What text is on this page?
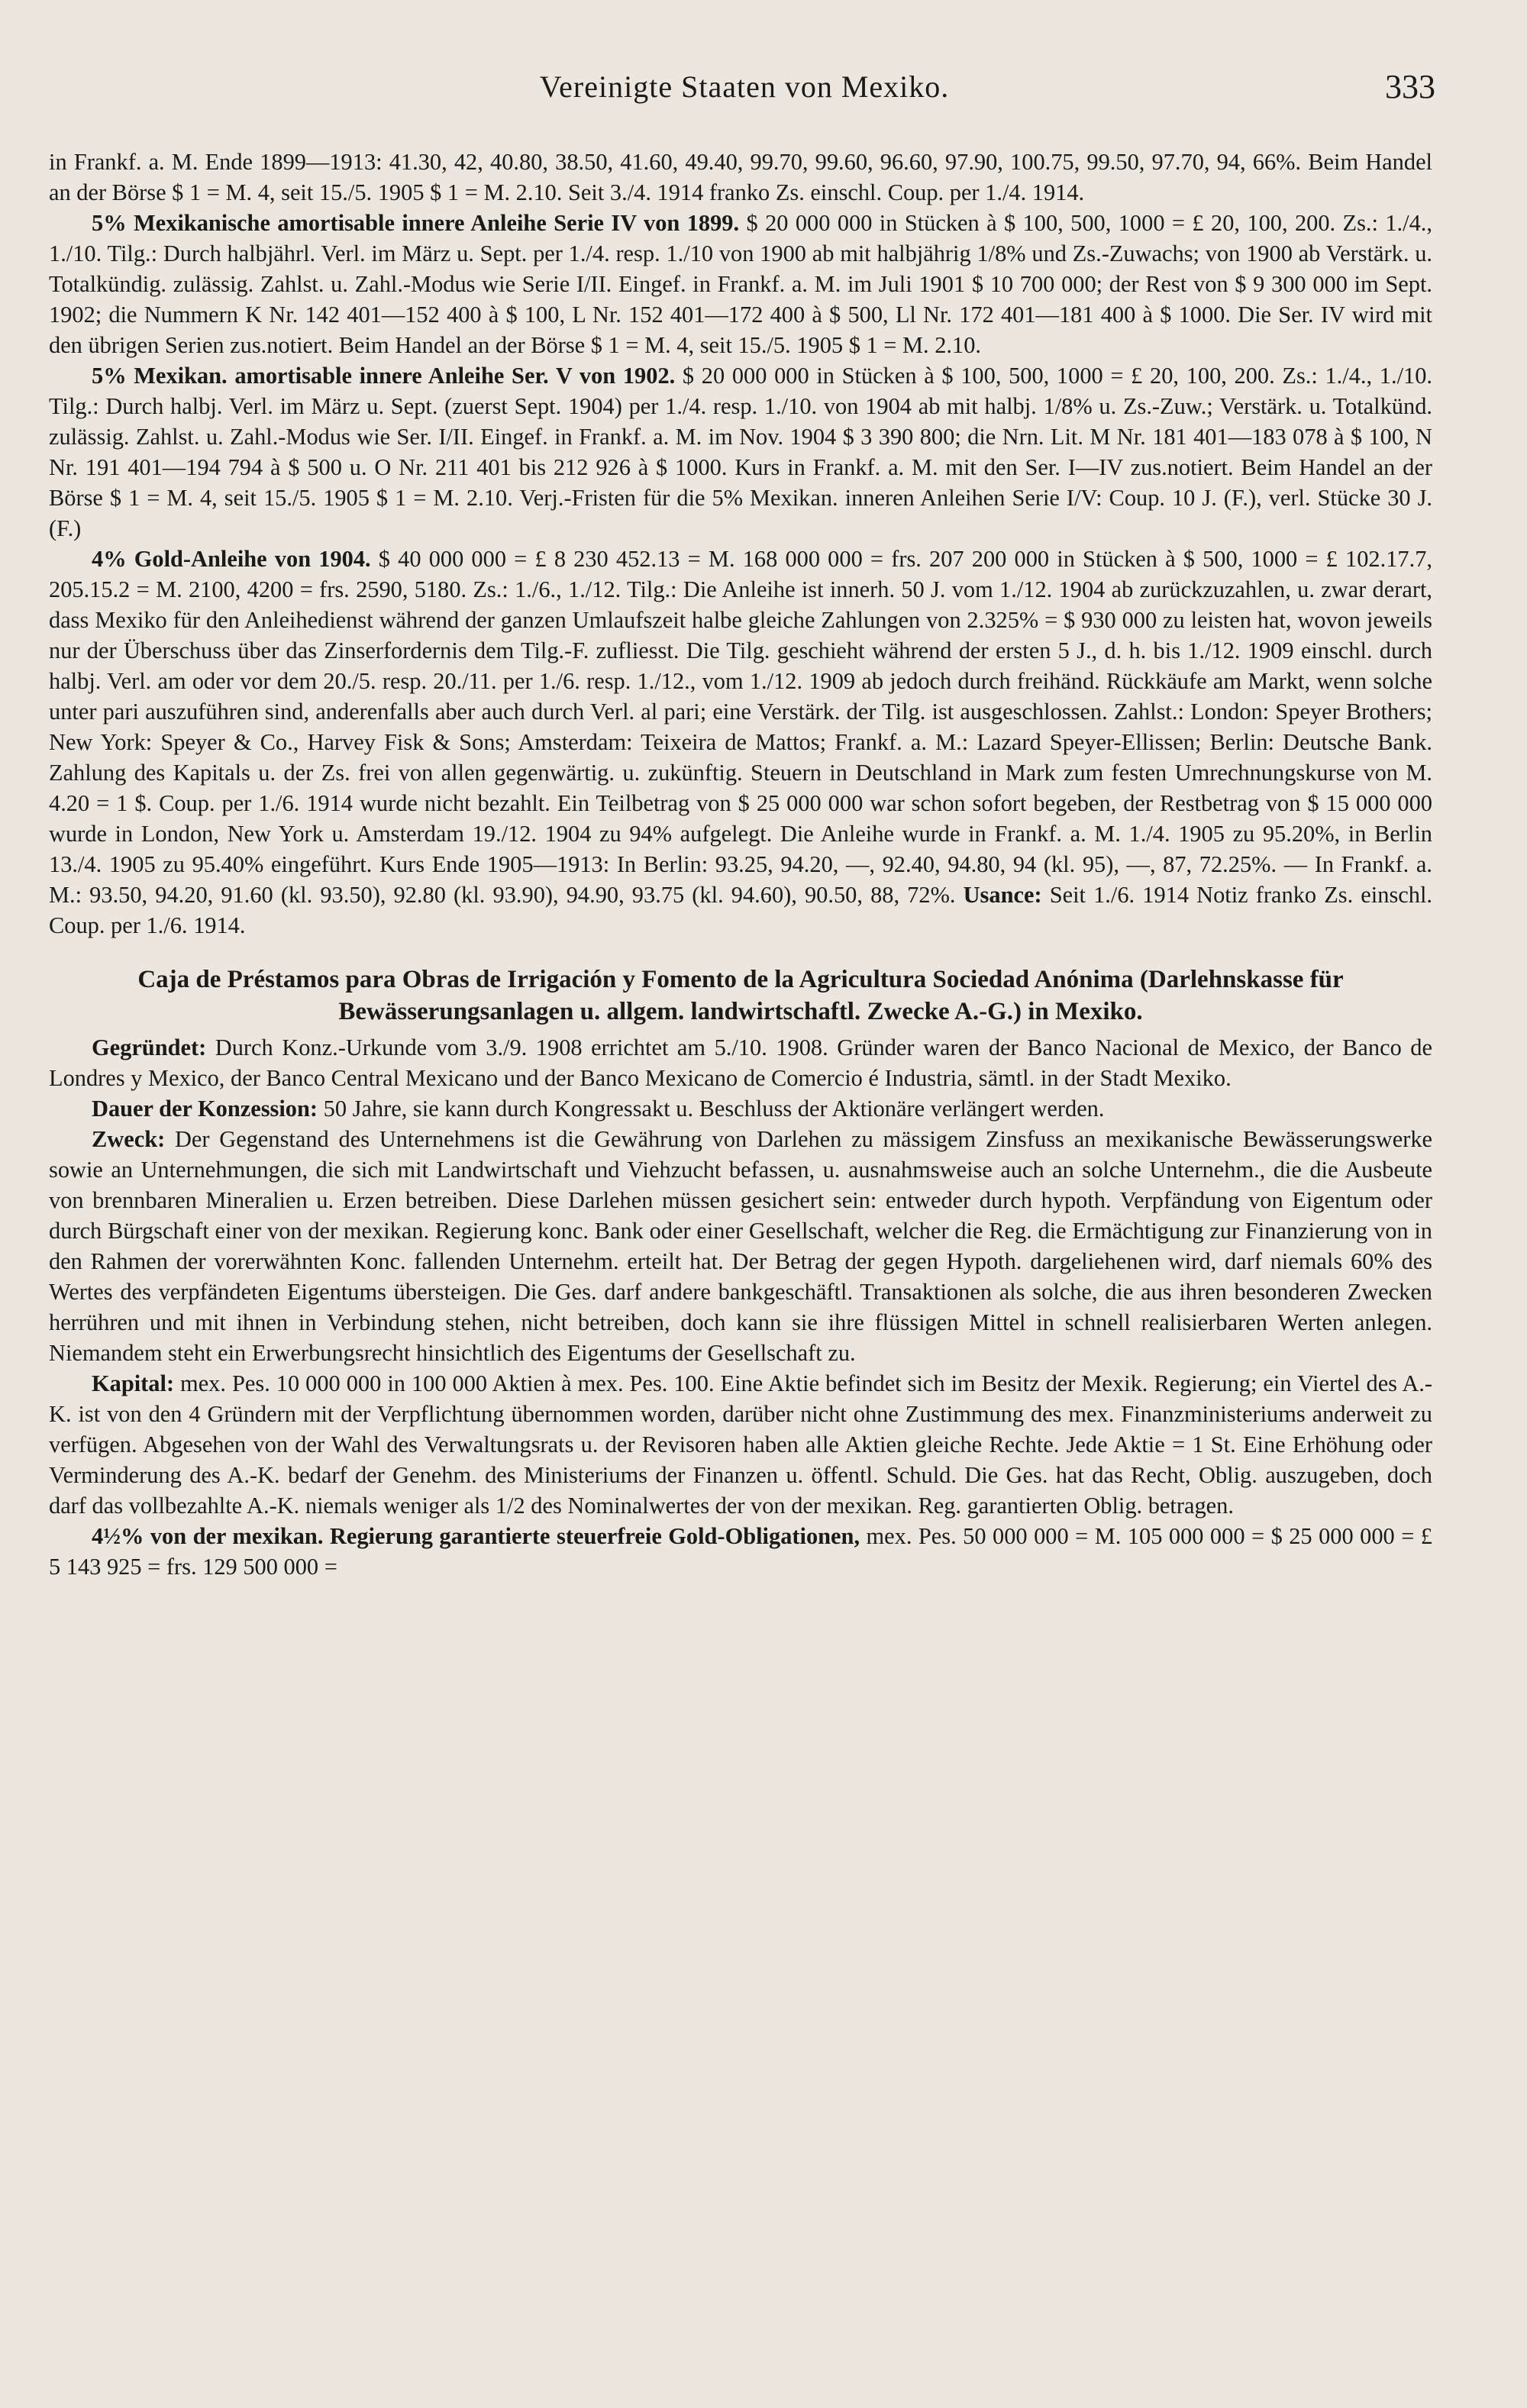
Vereinigte Staaten von Mexiko.	333

in Frankf. a. M. Ende 1899—1913: 41.30, 42, 40.80, 38.50, 41.60, 49.40, 99.70, 99.60, 96.60, 97.90, 100.75, 99.50, 97.70, 94, 66%. Beim Handel an der Börse $ 1 = M. 4, seit 15./5. 1905 $ 1 = M. 2.10. Seit 3./4. 1914 franko Zs. einschl. Coup. per 1./4. 1914.

5% Mexikanische amortisable innere Anleihe Serie IV von 1899. $ 20 000 000 in Stücken à $ 100, 500, 1000 = £ 20, 100, 200. Zs.: 1./4., 1./10. Tilg.: Durch halbjährl. Verl. im März u. Sept. per 1./4. resp. 1./10 von 1900 ab mit halbjährig 1/8% und Zs.-Zuwachs; von 1900 ab Verstärk. u. Totalkündig. zulässig. Zahlst. u. Zahl.-Modus wie Serie I/II. Eingef. in Frankf. a. M. im Juli 1901 $ 10 700 000; der Rest von $ 9 300 000 im Sept. 1902; die Nummern K Nr. 142 401—152 400 à $ 100, L Nr. 152 401—172 400 à $ 500, Ll Nr. 172 401—181 400 à $ 1000. Die Ser. IV wird mit den übrigen Serien zus.notiert. Beim Handel an der Börse $ 1 = M. 4, seit 15./5. 1905 $ 1 = M. 2.10.

5% Mexikan. amortisable innere Anleihe Ser. V von 1902. $ 20 000 000 in Stücken à $ 100, 500, 1000 = £ 20, 100, 200. Zs.: 1./4., 1./10. Tilg.: Durch halbj. Verl. im März u. Sept. (zuerst Sept. 1904) per 1./4. resp. 1./10. von 1904 ab mit halbj. 1/8% u. Zs.-Zuw.; Verstärk. u. Totalkünd. zulässig. Zahlst. u. Zahl.-Modus wie Ser. I/II. Eingef. in Frankf. a. M. im Nov. 1904 $ 3 390 800; die Nrn. Lit. M Nr. 181 401—183 078 à $ 100, N Nr. 191 401—194 794 à $ 500 u. O Nr. 211 401 bis 212 926 à $ 1000. Kurs in Frankf. a. M. mit den Ser. I—IV zus.notiert. Beim Handel an der Börse $ 1 = M. 4, seit 15./5. 1905 $ 1 = M. 2.10. Verj.-Fristen für die 5% Mexikan. inneren Anleihen Serie I/V: Coup. 10 J. (F.), verl. Stücke 30 J. (F.)

4% Gold-Anleihe von 1904. $ 40 000 000 = £ 8 230 452.13 = M. 168 000 000 = frs. 207 200 000 in Stücken à $ 500, 1000 = £ 102.17.7, 205.15.2 = M. 2100, 4200 = frs. 2590, 5180. Zs.: 1./6., 1./12. Tilg.: Die Anleihe ist innerh. 50 J. vom 1./12. 1904 ab zurückzuzahlen, u. zwar derart, dass Mexiko für den Anleihedienst während der ganzen Umlaufszeit halbe gleiche Zahlungen von 2.325% = $ 930 000 zu leisten hat, wovon jeweils nur der Überschuss über das Zinserfordernis dem Tilg.-F. zufliesst. Die Tilg. geschieht während der ersten 5 J., d. h. bis 1./12. 1909 einschl. durch halbj. Verl. am oder vor dem 20./5. resp. 20./11. per 1./6. resp. 1./12., vom 1./12. 1909 ab jedoch durch freihänd. Rückkäufe am Markt, wenn solche unter pari auszuführen sind, anderenfalls aber auch durch Verl. al pari; eine Verstärk. der Tilg. ist ausgeschlossen. Zahlst.: London: Speyer Brothers; New York: Speyer & Co., Harvey Fisk & Sons; Amsterdam: Teixeira de Mattos; Frankf. a. M.: Lazard Speyer-Ellissen; Berlin: Deutsche Bank. Zahlung des Kapitals u. der Zs. frei von allen gegenwärtig. u. zukünftig. Steuern in Deutschland in Mark zum festen Umrechnungskurse von M. 4.20 = 1 $. Coup. per 1./6. 1914 wurde nicht bezahlt. Ein Teilbetrag von $ 25 000 000 war schon sofort begeben, der Restbetrag von $ 15 000 000 wurde in London, New York u. Amsterdam 19./12. 1904 zu 94% aufgelegt. Die Anleihe wurde in Frankf. a. M. 1./4. 1905 zu 95.20%, in Berlin 13./4. 1905 zu 95.40% eingeführt. Kurs Ende 1905—1913: In Berlin: 93.25, 94.20, —, 92.40, 94.80, 94 (kl. 95), —, 87, 72.25%. — In Frankf. a. M.: 93.50, 94.20, 91.60 (kl. 93.50), 92.80 (kl. 93.90), 94.90, 93.75 (kl. 94.60), 90.50, 88, 72%. Usance: Seit 1./6. 1914 Notiz franko Zs. einschl. Coup. per 1./6. 1914.

Caja de Préstamos para Obras de Irrigación y Fomento de la Agricultura Sociedad Anónima (Darlehnskasse für Bewässerungsanlagen u. allgem. landwirtschaftl. Zwecke A.-G.) in Mexiko.

Gegründet: Durch Konz.-Urkunde vom 3./9. 1908 errichtet am 5./10. 1908. Gründer waren der Banco Nacional de Mexico, der Banco de Londres y Mexico, der Banco Central Mexicano und der Banco Mexicano de Comercio é Industria, sämtl. in der Stadt Mexiko.

Dauer der Konzession: 50 Jahre, sie kann durch Kongressakt u. Beschluss der Aktionäre verlängert werden.

Zweck: Der Gegenstand des Unternehmens ist die Gewährung von Darlehen zu mässigem Zinsfuss an mexikanische Bewässerungswerke sowie an Unternehmungen, die sich mit Landwirtschaft und Viehzucht befassen, u. ausnahmsweise auch an solche Unternehm., die die Ausbeute von brennbaren Mineralien u. Erzen betreiben. Diese Darlehen müssen gesichert sein: entweder durch hypoth. Verpfändung von Eigentum oder durch Bürgschaft einer von der mexikan. Regierung konc. Bank oder einer Gesellschaft, welcher die Reg. die Ermächtigung zur Finanzierung von in den Rahmen der vorerwähnten Konc. fallenden Unternehm. erteilt hat. Der Betrag der gegen Hypoth. dargeliehenen wird, darf niemals 60% des Wertes des verpfändeten Eigentums übersteigen. Die Ges. darf andere bankgeschäftl. Transaktionen als solche, die aus ihren besonderen Zwecken herrühren und mit ihnen in Verbindung stehen, nicht betreiben, doch kann sie ihre flüssigen Mittel in schnell realisierbaren Werten anlegen. Niemandem steht ein Erwerbungsrecht hinsichtlich des Eigentums der Gesellschaft zu.

Kapital: mex. Pes. 10 000 000 in 100 000 Aktien à mex. Pes. 100. Eine Aktie befindet sich im Besitz der Mexik. Regierung; ein Viertel des A.-K. ist von den 4 Gründern mit der Verpflichtung übernommen worden, darüber nicht ohne Zustimmung des mex. Finanzministeriums anderweit zu verfügen. Abgesehen von der Wahl des Verwaltungsrats u. der Revisoren haben alle Aktien gleiche Rechte. Jede Aktie = 1 St. Eine Erhöhung oder Verminderung des A.-K. bedarf der Genehm. des Ministeriums der Finanzen u. öffentl. Schuld. Die Ges. hat das Recht, Oblig. auszugeben, doch darf das vollbezahlte A.-K. niemals weniger als 1/2 des Nominalwertes der von der mexikan. Reg. garantierten Oblig. betragen.

4½% von der mexikan. Regierung garantierte steuerfreie Gold-Obligationen, mex. Pes. 50 000 000 = M. 105 000 000 = $ 25 000 000 = £ 5 143 925 = frs. 129 500 000 =
